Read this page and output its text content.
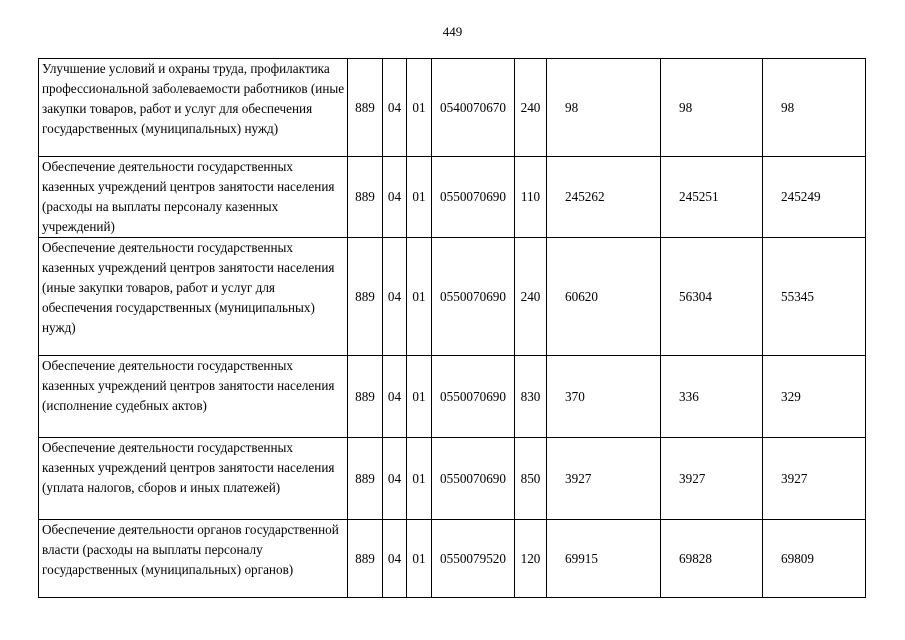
449
Улучшение условий и охраны труда, профилактика профессиональной заболеваемости работников (иные закупки товаров, работ и услуг для обеспечения государственных (муниципальных) нужд)	889	04	01	0540070670	240	98	98	98
Обеспечение деятельности государственных казенных учреждений центров занятости населения (расходы на выплаты персоналу казенных учреждений)	889	04	01	0550070690	110	245262	245251	245249
Обеспечение деятельности государственных казенных учреждений центров занятости населения (иные закупки товаров, работ и услуг для обеспечения государственных (муниципальных) нужд)	889	04	01	0550070690	240	60620	56304	55345
Обеспечение деятельности государственных казенных учреждений центров занятости населения (исполнение судебных актов)	889	04	01	0550070690	830	370	336	329
Обеспечение деятельности государственных казенных учреждений центров занятости населения (уплата налогов, сборов и иных платежей)	889	04	01	0550070690	850	3927	3927	3927
Обеспечение деятельности органов государственной власти (расходы на выплаты персоналу государственных (муниципальных) органов)	889	04	01	0550079520	120	69915	69828	69809
